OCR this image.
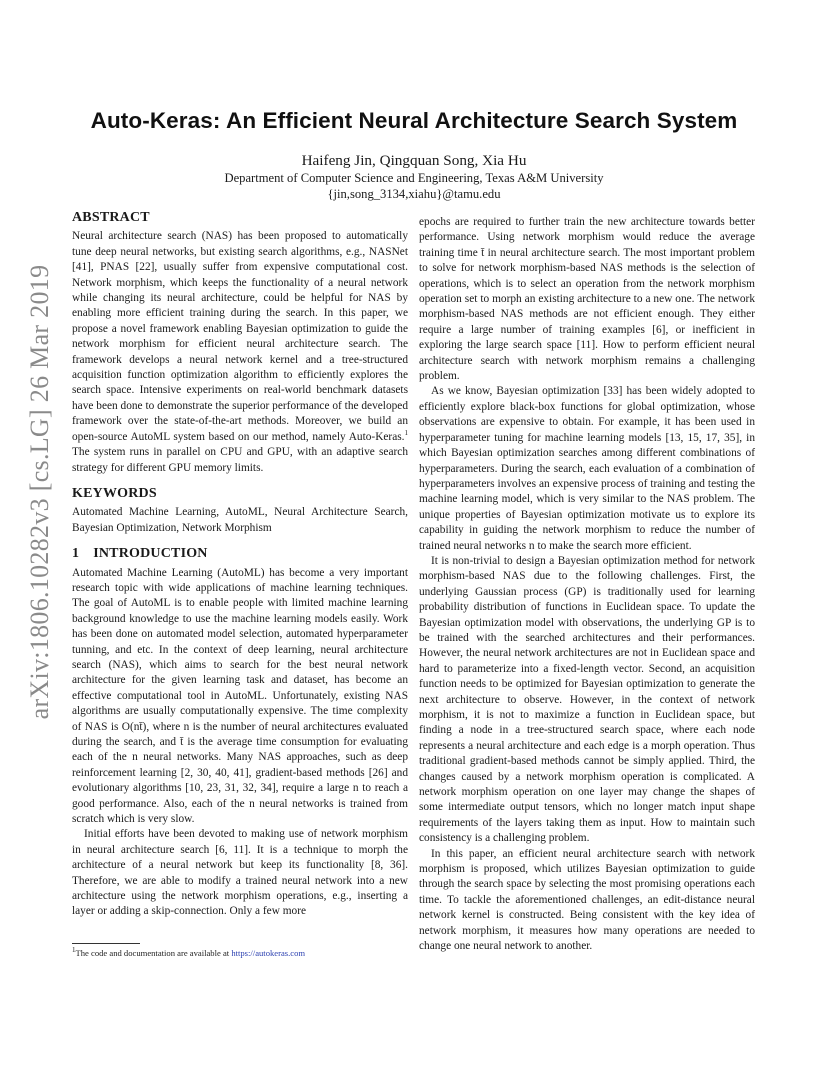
arXiv:1806.10282v3 [cs.LG] 26 Mar 2019
Auto-Keras: An Efficient Neural Architecture Search System
Haifeng Jin, Qingquan Song, Xia Hu
Department of Computer Science and Engineering, Texas A&M University
{jin,song_3134,xiahu}@tamu.edu
ABSTRACT

Neural architecture search (NAS) has been proposed to automatically tune deep neural networks, but existing search algorithms, e.g., NASNet [41], PNAS [22], usually suffer from expensive computational cost. Network morphism, which keeps the functionality of a neural network while changing its neural architecture, could be helpful for NAS by enabling more efficient training during the search. In this paper, we propose a novel framework enabling Bayesian optimization to guide the network morphism for efficient neural architecture search. The framework develops a neural network kernel and a tree-structured acquisition function optimization algorithm to efficiently explores the search space. Intensive experiments on real-world benchmark datasets have been done to demonstrate the superior performance of the developed framework over the state-of-the-art methods. Moreover, we build an open-source AutoML system based on our method, namely Auto-Keras.$^1$ The system runs in parallel on CPU and GPU, with an adaptive search strategy for different GPU memory limits.

KEYWORDS

Automated Machine Learning, AutoML, Neural Architecture Search, Bayesian Optimization, Network Morphism

1 INTRODUCTION

Automated Machine Learning (AutoML) has become a very important research topic with wide applications of machine learning techniques. The goal of AutoML is to enable people with limited machine learning background knowledge to use the machine learning models easily. Work has been done on automated model selection, automated hyperparameter tunning, and etc. In the context of deep learning, neural architecture search (NAS), which aims to search for the best neural network architecture for the given learning task and dataset, has become an effective computational tool in AutoML. Unfortunately, existing NAS algorithms are usually computationally expensive. The time complexity of NAS is O(nt̄), where n is the number of neural architectures evaluated during the search, and t̄ is the average time consumption for evaluating each of the n neural networks. Many NAS approaches, such as deep reinforcement learning [2, 30, 40, 41], gradient-based methods [26] and evolutionary algorithms [10, 23, 31, 32, 34], require a large n to reach a good performance. Also, each of the n neural networks is trained from scratch which is very slow.

Initial efforts have been devoted to making use of network morphism in neural architecture search [6, 11]. It is a technique to morph the architecture of a neural network but keep its functionality [8, 36]. Therefore, we are able to modify a trained neural network into a new architecture using the network morphism operations, e.g., inserting a layer or adding a skip-connection. Only a few more

epochs are required to further train the new architecture towards better performance. Using network morphism would reduce the average training time t̄ in neural architecture search. The most important problem to solve for network morphism-based NAS methods is the selection of operations, which is to select an operation from the network morphism operation set to morph an existing architecture to a new one. The network morphism-based NAS methods are not efficient enough. They either require a large number of training examples [6], or inefficient in exploring the large search space [11]. How to perform efficient neural architecture search with network morphism remains a challenging problem.

As we know, Bayesian optimization [33] has been widely adopted to efficiently explore black-box functions for global optimization, whose observations are expensive to obtain. For example, it has been used in hyperparameter tuning for machine learning models [13, 15, 17, 35], in which Bayesian optimization searches among different combinations of hyperparameters. During the search, each evaluation of a combination of hyperparameters involves an expensive process of training and testing the machine learning model, which is very similar to the NAS problem. The unique properties of Bayesian optimization motivate us to explore its capability in guiding the network morphism to reduce the number of trained neural networks n to make the search more efficient.

It is non-trivial to design a Bayesian optimization method for network morphism-based NAS due to the following challenges. First, the underlying Gaussian process (GP) is traditionally used for learning probability distribution of functions in Euclidean space. To update the Bayesian optimization model with observations, the underlying GP is to be trained with the searched architectures and their performances. However, the neural network architectures are not in Euclidean space and hard to parameterize into a fixed-length vector. Second, an acquisition function needs to be optimized for Bayesian optimization to generate the next architecture to observe. However, in the context of network morphism, it is not to maximize a function in Euclidean space, but finding a node in a tree-structured search space, where each node represents a neural architecture and each edge is a morph operation. Thus traditional gradient-based methods cannot be simply applied. Third, the changes caused by a network morphism operation is complicated. A network morphism operation on one layer may change the shapes of some intermediate output tensors, which no longer match input shape requirements of the layers taking them as input. How to maintain such consistency is a challenging problem.

In this paper, an efficient neural architecture search with network morphism is proposed, which utilizes Bayesian optimization to guide through the search space by selecting the most promising operations each time. To tackle the aforementioned challenges, an edit-distance neural network kernel is constructed. Being consistent with the key idea of network morphism, it measures how many operations are needed to change one neural network to another.

$^1$The code and documentation are available at https://autokeras.com
